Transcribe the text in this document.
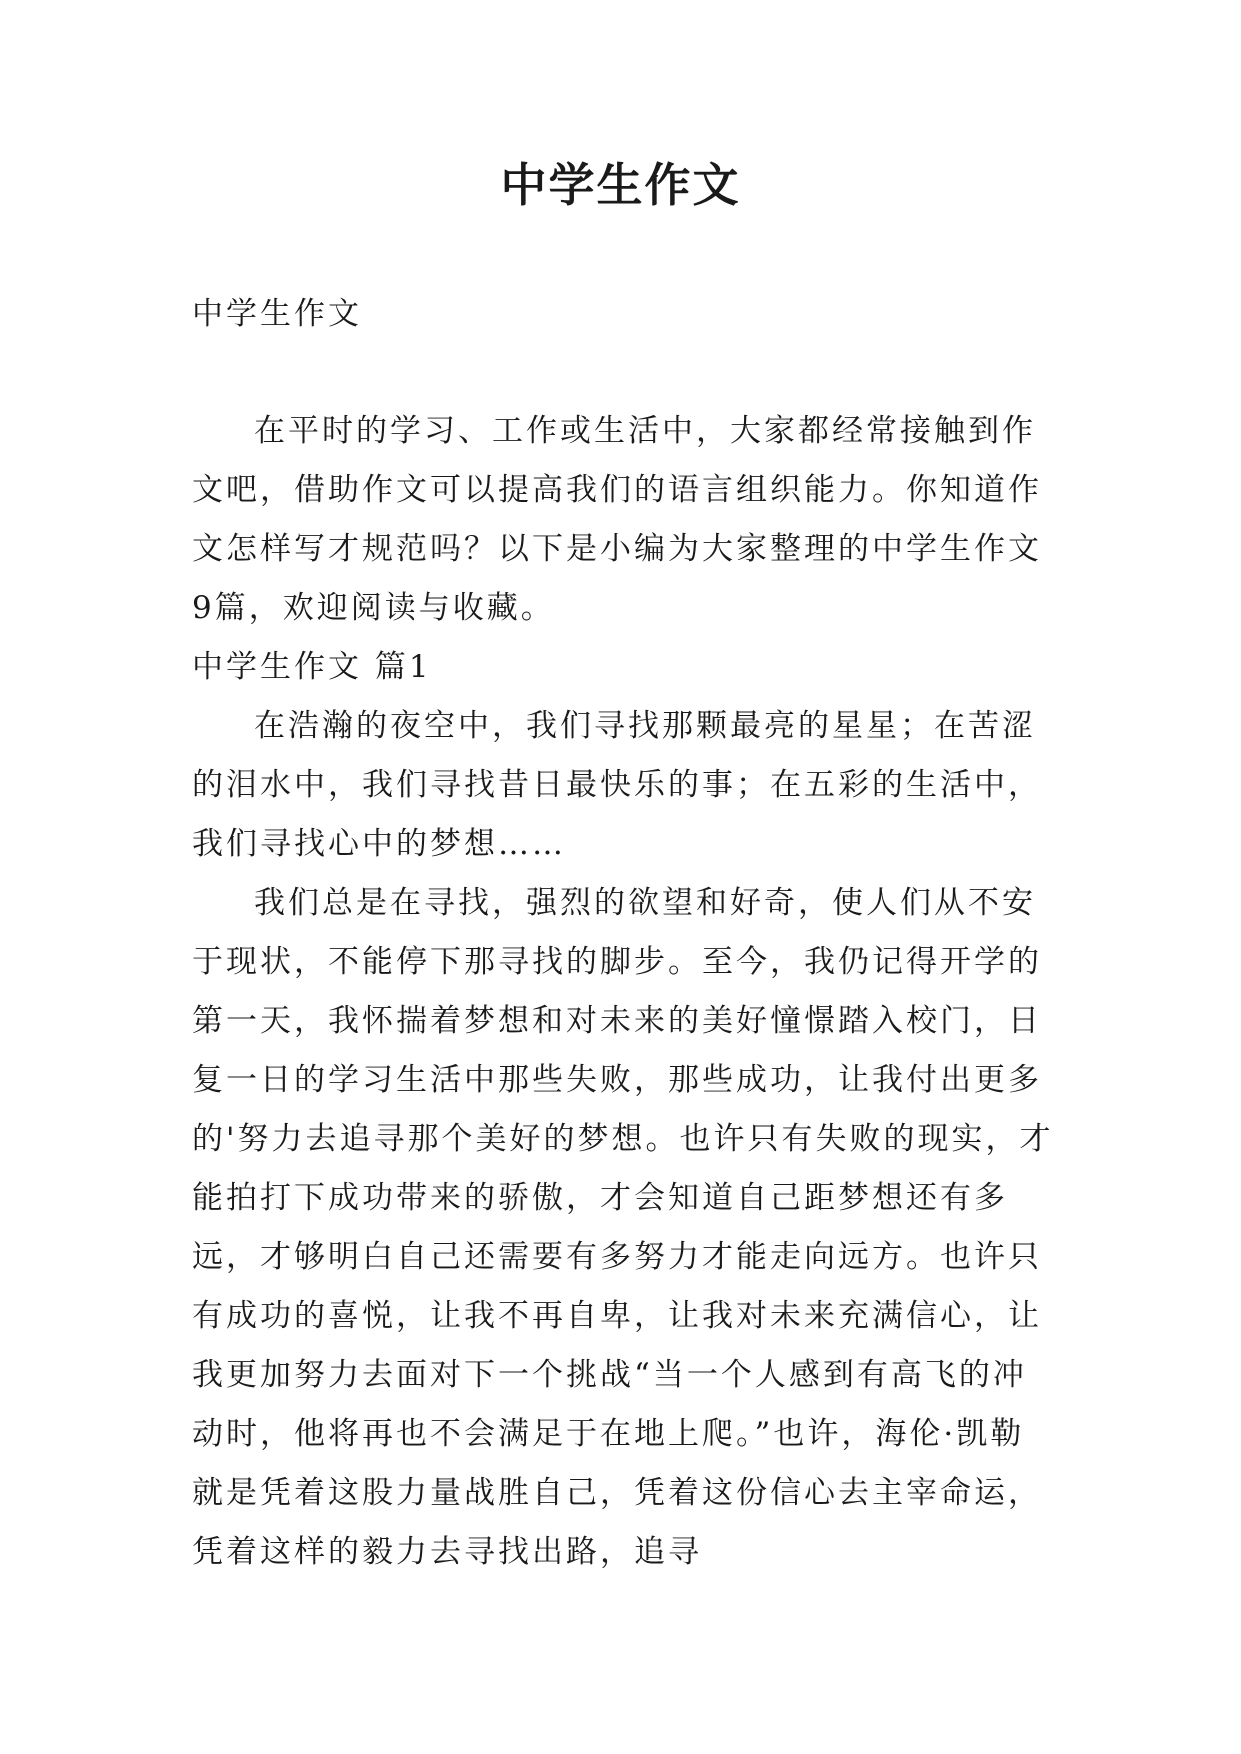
中学生作文

中学生作文

在平时的学习、工作或生活中，大家都经常接触到作文吧，借助作文可以提高我们的语言组织能力。你知道作文怎样写才规范吗？以下是小编为大家整理的中学生作文9篇，欢迎阅读与收藏。

中学生作文 篇1

在浩瀚的夜空中，我们寻找那颗最亮的星星；在苦涩的泪水中，我们寻找昔日最快乐的事；在五彩的生活中，我们寻找心中的梦想……

我们总是在寻找，强烈的欲望和好奇，使人们从不安于现状，不能停下那寻找的脚步。至今，我仍记得开学的第一天，我怀揣着梦想和对未来的美好憧憬踏入校门，日复一日的学习生活中那些失败，那些成功，让我付出更多的'努力去追寻那个美好的梦想。也许只有失败的现实，才能拍打下成功带来的骄傲，才会知道自己距梦想还有多远，才够明白自己还需要有多努力才能走向远方。也许只有成功的喜悦，让我不再自卑，让我对未来充满信心，让我更加努力去面对下一个挑战“当一个人感到有高飞的冲动时，他将再也不会满足于在地上爬。”也许，海伦·凯勒就是凭着这股力量战胜自己，凭着这份信心去主宰命运，凭着这样的毅力去寻找出路，追寻
